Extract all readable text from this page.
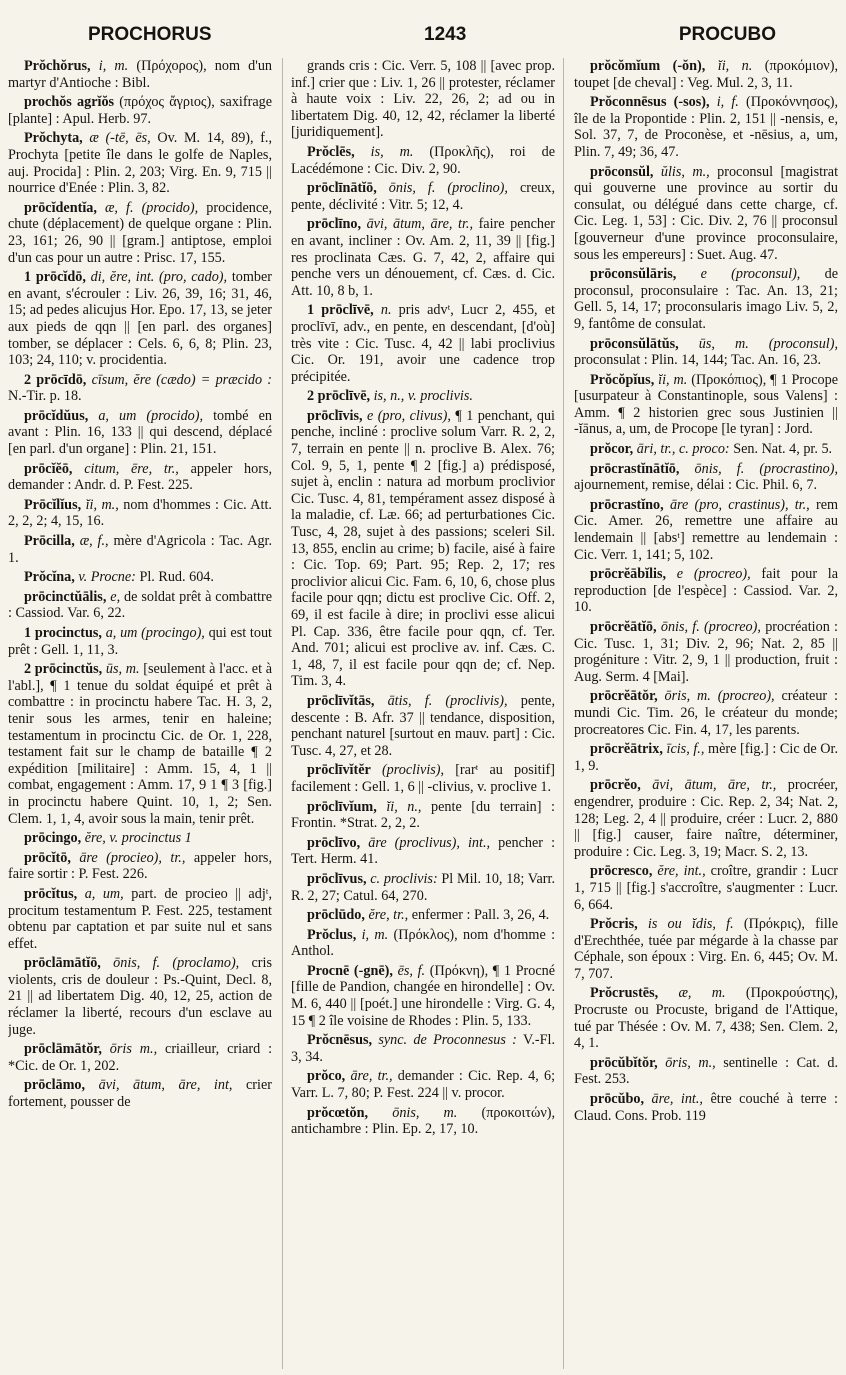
PROCHORUS	1243	PROCUBO

Prŏchŏrus, i, m. (Πρόχορος), nom d'un martyr d'Antioche : Bibl.

prochŏs agrĭŏs (πρόχος ἄγριος), saxifrage [plante] : Apul. Herb. 97.

Prŏchyta, æ (-tē, ēs, Ov. M. 14, 89), f., Prochyta [petite île dans le golfe de Naples, auj. Procida] : Plin. 2, 203; Virg. En. 9, 715 || nourrice d'Enée : Plin. 3, 82.

prōcĭdentĭa, æ, f. (procido), procidence, chute (déplacement) de quelque organe : Plin. 23, 161; 26, 90 || [gram.] antiptose, emploi d'un cas pour un autre : Prisc. 17, 155.

1 prōcĭdō, di, ĕre, int. (pro, cado), tomber en avant, s'écrouler : Liv. 26, 39, 16; 31, 46, 15; ad pedes alicujus Hor. Epo. 17, 13, se jeter aux pieds de qqn || [en parl. des organes] tomber, se déplacer : Cels. 6, 6, 8; Plin. 23, 103; 24, 110; v. procidentia.

2 prōcīdō, cīsum, ĕre (cædo) = præcido : N.-Tir. p. 18.

prōcĭdŭus, a, um (procido), tombé en avant : Plin. 16, 133 || qui descend, déplacé [en parl. d'un organe] : Plin. 21, 151.

prōcĭĕō, citum, ēre, tr., appeler hors, demander : Andr. d. P. Fest. 225.

Prōcĭlĭus, ĭi, m., nom d'hommes : Cic. Att. 2, 2, 2; 4, 15, 16.

Prōcilla, æ, f., mère d'Agricola : Tac. Agr. 1.

Prŏcĭna, v. Procne: Pl. Rud. 604.

prōcinctŭālis, e, de soldat prêt à combattre : Cassiod. Var. 6, 22.

1 procinctus, a, um (procingo), qui est tout prêt : Gell. 1, 11, 3.

2 prōcinctŭs, ūs, m. [seulement à l'acc. et à l'abl.], ¶ 1 tenue du soldat équipé et prêt à combattre : in procinctu habere Tac. H. 3, 2, tenir sous les armes, tenir en haleine; testamentum in procinctu Cic. de Or. 1, 228, testament fait sur le champ de bataille ¶ 2 expédition [militaire] : Amm. 15, 4, 1 || combat, engagement : Amm. 17, 9 1 ¶ 3 [fig.] in procinctu habere Quint. 10, 1, 2; Sen. Clem. 1, 1, 4, avoir sous la main, tenir prêt.

prōcingo, ĕre, v. procinctus 1

prōcĭtō, āre (procieo), tr., appeler hors, faire sortir : P. Fest. 226.

prōcĭtus, a, um, part. de procieo || adjᵗ, procitum testamentum P. Fest. 225, testament obtenu par captation et par suite nul et sans effet.

prōclāmātĭō, ōnis, f. (proclamo), cris violents, cris de douleur : Ps.-Quint, Decl. 8, 21 || ad libertatem Dig. 40, 12, 25, action de réclamer la liberté, recours d'un esclave au juge.

prōclāmātŏr, ōris m., criailleur, criard : *Cic. de Or. 1, 202.

prōclāmo, āvi, ātum, āre, int, crier fortement, pousser de

grands cris : Cic. Verr. 5, 108 || [avec prop. inf.] crier que : Liv. 1, 26 || protester, réclamer à haute voix : Liv. 22, 26, 2; ad ou in libertatem Dig. 40, 12, 42, réclamer la liberté [juridiquement].

Prŏclēs, is, m. (Προκλῆς), roi de Lacédémone : Cic. Div. 2, 90.

prōclīnātĭō, ōnis, f. (proclino), creux, pente, déclivité : Vitr. 5; 12, 4.

prōclīno, āvi, ātum, āre, tr., faire pencher en avant, incliner : Ov. Am. 2, 11, 39 || [fig.] res proclinata Cæs. G. 7, 42, 2, affaire qui penche vers un dénouement, cf. Cæs. d. Cic. Att. 10, 8 b, 1.

1 prōclīvē, n. pris advᵗ, Lucr 2, 455, et proclīvī, adv., en pente, en descendant, [d'où] très vite : Cic. Tusc. 4, 42 || labi proclivius Cic. Or. 191, avoir une cadence trop précipitée.

2 prōclīvē, is, n., v. proclivis.

prōclīvis, e (pro, clivus), ¶ 1 penchant, qui penche, incliné : proclive solum Varr. R. 2, 2, 7, terrain en pente || n. proclive B. Alex. 76; Col. 9, 5, 1, pente ¶ 2 [fig.] a) prédisposé, sujet à, enclin : natura ad morbum proclivior Cic. Tusc. 4, 81, tempérament assez disposé à la maladie, cf. Læ. 66; ad perturbationes Cic. Tusc, 4, 28, sujet à des passions; sceleri Sil. 13, 855, enclin au crime; b) facile, aisé à faire : Cic. Top. 69; Part. 95; Rep. 2, 17; res proclivior alicui Cic. Fam. 6, 10, 6, chose plus facile pour qqn; dictu est proclive Cic. Off. 2, 69, il est facile à dire; in proclivi esse alicui Pl. Cap. 336, être facile pour qqn, cf. Ter. And. 701; alicui est proclive av. inf. Cæs. C. 1, 48, 7, il est facile pour qqn de; cf. Nep. Tim. 3, 4.

prōclīvĭtās, ātis, f. (proclivis), pente, descente : B. Afr. 37 || tendance, disposition, penchant naturel [surtout en mauv. part] : Cic. Tusc. 4, 27, et 28.

prōclīvĭtĕr (proclivis), [rarᵗ au positif] facilement : Gell. 1, 6 || -clivius, v. proclive 1.

prōclīvĭum, ĭi, n., pente [du terrain] : Frontin. *Strat. 2, 2, 2.

prōclīvo, āre (proclivus), int., pencher : Tert. Herm. 41.

prōclīvus, c. proclivis: Pl Mil. 10, 18; Varr. R. 2, 27; Catul. 64, 270.

prōclūdo, ĕre, tr., enfermer : Pall. 3, 26, 4.

Prŏclus, i, m. (Πρόκλος), nom d'homme : Anthol.

Procnē (-gnē), ēs, f. (Πρόκνη), ¶ 1 Procné [fille de Pandion, changée en hirondelle] : Ov. M. 6, 440 || [poét.] une hirondelle : Virg. G. 4, 15 ¶ 2 île voisine de Rhodes : Plin. 5, 133.

Prŏcnēsus, sync. de Proconnesus : V.-Fl. 3, 34.

prŏco, āre, tr., demander : Cic. Rep. 4, 6; Varr. L. 7, 80; P. Fest. 224 || v. procor.

prŏcœtŏn, ōnis, m. (προκοιτών), antichambre : Plin. Ep. 2, 17, 10.

prŏcŏmĭum (-ŏn), ĭi, n. (προκόμιον), toupet [de cheval] : Veg. Mul. 2, 3, 11.

Prŏconnēsus (-sos), i, f. (Προκόννησος), île de la Propontide : Plin. 2, 151 || -nensis, e, Sol. 37, 7, de Proconèse, et -nēsius, a, um, Plin. 7, 49; 36, 47.

prōconsŭl, ŭlis, m., proconsul [magistrat qui gouverne une province au sortir du consulat, ou délégué dans cette charge, cf. Cic. Leg. 1, 53] : Cic. Div. 2, 76 || proconsul [gouverneur d'une province proconsulaire, sous les empereurs] : Suet. Aug. 47.

prōconsŭlāris, e (proconsul), de proconsul, proconsulaire : Tac. An. 13, 21; Gell. 5, 14, 17; proconsularis imago Liv. 5, 2, 9, fantôme de consulat.

prōconsŭlātŭs, ūs, m. (proconsul), proconsulat : Plin. 14, 144; Tac. An. 16, 23.

Prŏcŏpĭus, ĭi, m. (Προκόπιος), ¶ 1 Procope [usurpateur à Constantinople, sous Valens] : Amm. ¶ 2 historien grec sous Justinien || -ĭānus, a, um, de Procope [le tyran] : Jord.

prŏcor, āri, tr., c. proco: Sen. Nat. 4, pr. 5.

prōcrastĭnātĭō, ōnis, f. (procrastino), ajournement, remise, délai : Cic. Phil. 6, 7.

prōcrastĭno, āre (pro, crastinus), tr., rem Cic. Amer. 26, remettre une affaire au lendemain || [absᵗ] remettre au lendemain : Cic. Verr. 1, 141; 5, 102.

prōcrĕābĭlis, e (procreo), fait pour la reproduction [de l'espèce] : Cassiod. Var. 2, 10.

prōcrĕātĭō, ōnis, f. (procreo), procréation : Cic. Tusc. 1, 31; Div. 2, 96; Nat. 2, 85 || progéniture : Vitr. 2, 9, 1 || production, fruit : Aug. Serm. 4 [Mai].

prōcrĕātŏr, ōris, m. (procreo), créateur : mundi Cic. Tim. 26, le créateur du monde; procreatores Cic. Fin. 4, 17, les parents.

prōcrĕātrix, īcis, f., mère [fig.] : Cic de Or. 1, 9.

prōcrĕo, āvi, ātum, āre, tr., procréer, engendrer, produire : Cic. Rep. 2, 34; Nat. 2, 128; Leg. 2, 4 || produire, créer : Lucr. 2, 880 || [fig.] causer, faire naître, déterminer, produire : Cic. Leg. 3, 19; Macr. S. 2, 13.

prōcresco, ĕre, int., croître, grandir : Lucr 1, 715 || [fig.] s'accroître, s'augmenter : Lucr. 6, 664.

Prŏcris, is ou ĭdis, f. (Πρόκρις), fille d'Erechthée, tuée par mégarde à la chasse par Céphale, son époux : Virg. En. 6, 445; Ov. M. 7, 707.

Prŏcrustēs, æ, m. (Προκρούστης), Procruste ou Procuste, brigand de l'Attique, tué par Thésée : Ov. M. 7, 438; Sen. Clem. 2, 4, 1.

prōcŭbĭtŏr, ōris, m., sentinelle : Cat. d. Fest. 253.

prōcŭbo, āre, int., être couché à terre : Claud. Cons. Prob. 119
